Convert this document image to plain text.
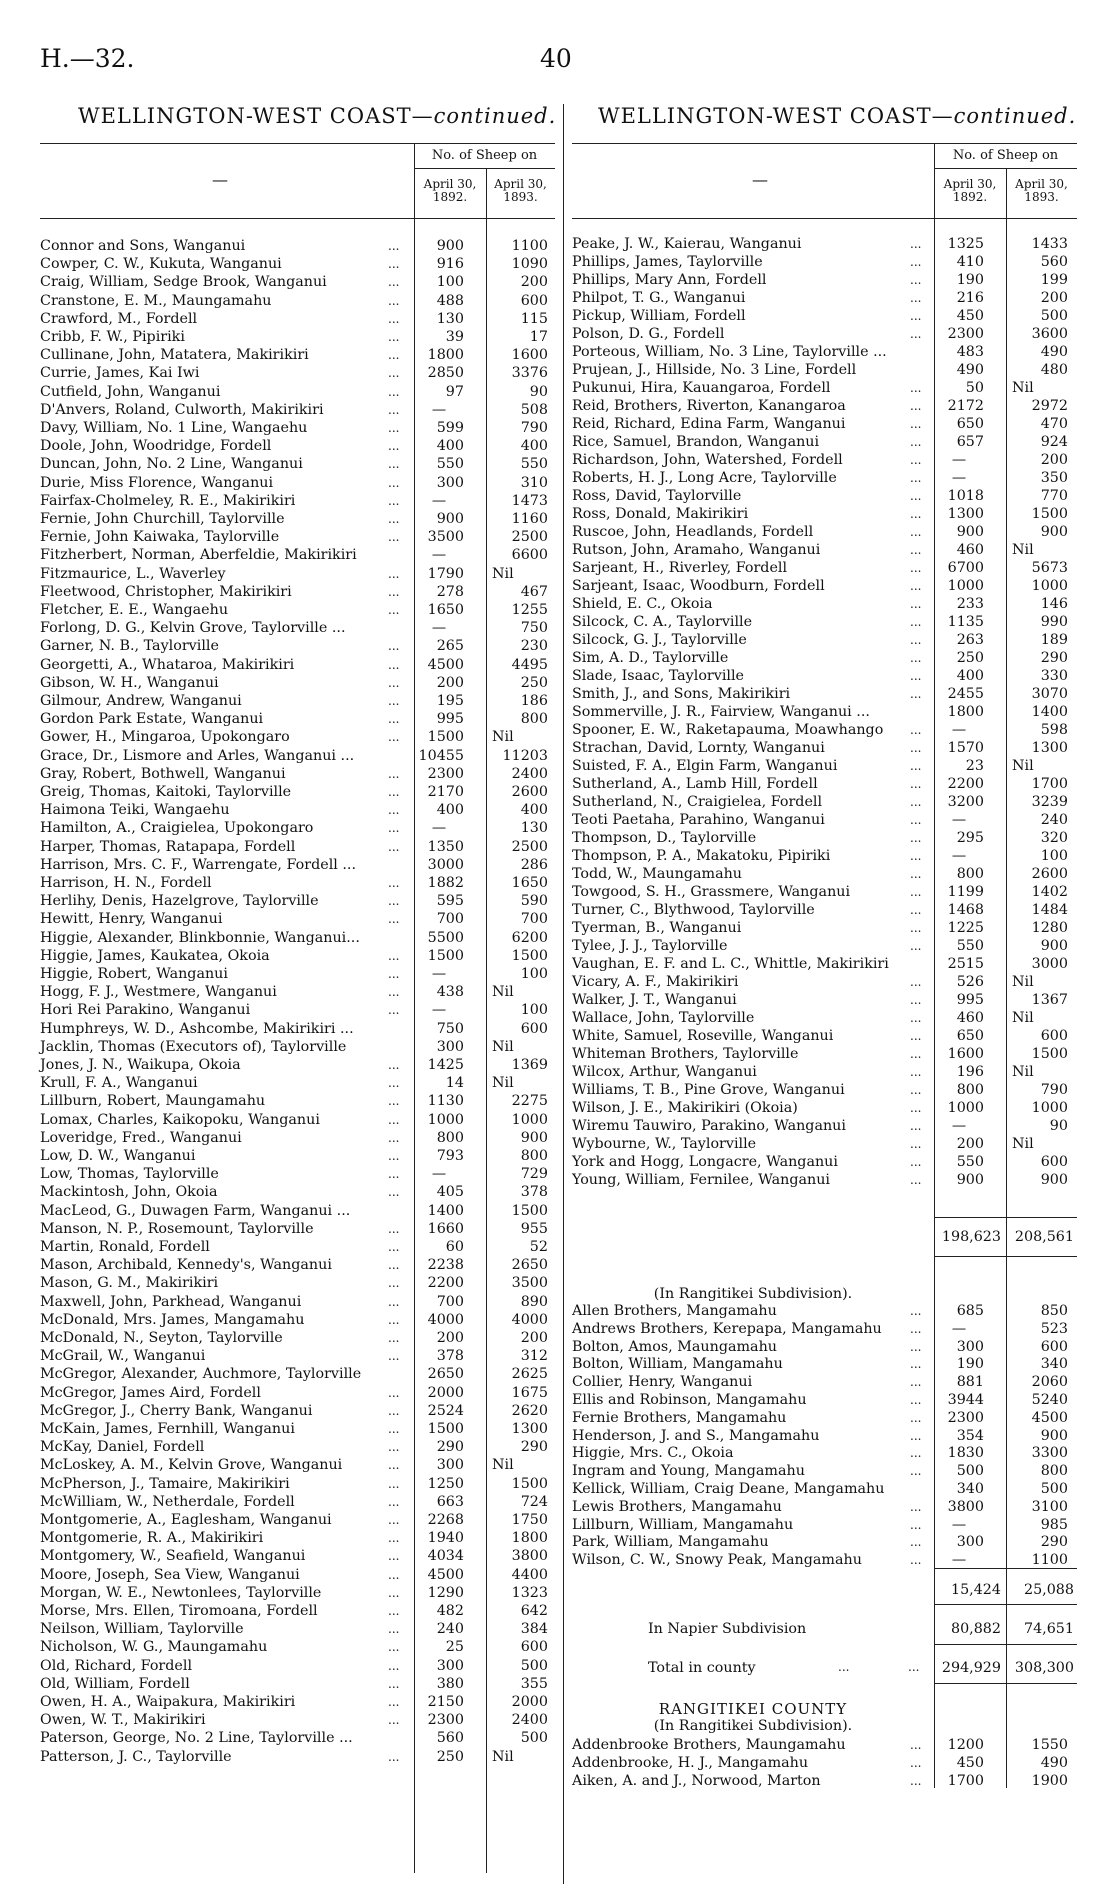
H.—32.	40
WELLINGTON-WEST COAST—continued. WELLINGTON-WEST COAST—continued.
No. of Sheep on
April 30, 1892.
April 30, 1893.
—
No. of Sheep on
April 30, 1892.
April 30, 1893.
—
Connor and Sons, Wanganui	...	900	1100
Cowper, C. W., Kukuta, Wanganui	...	916	1090
Craig, William, Sedge Brook, Wanganui	...	100	200
Cranstone, E. M., Maungamahu	...	488	600
Crawford, M., Fordell	...	130	115
Cribb, F. W., Pipiriki	...	39	17
Cullinane, John, Matatera, Makirikiri	...	1800	1600
Currie, James, Kai Iwi	...	2850	3376
Cutfield, John, Wanganui	...	97	90
D'Anvers, Roland, Culworth, Makirikiri	...	—	508
Davy, William, No. 1 Line, Wangaehu	...	599	790
Doole, John, Woodridge, Fordell	...	400	400
Duncan, John, No. 2 Line, Wanganui	...	550	550
Durie, Miss Florence, Wanganui	...	300	310
Fairfax-Cholmeley, R. E., Makirikiri	...	—	1473
Fernie, John Churchill, Taylorville	...	900	1160
Fernie, John Kaiwaka, Taylorville	...	3500	2500
Fitzherbert, Norman, Aberfeldie, Makirikiri	—	6600
Fitzmaurice, L., Waverley	...	1790 Nil
Fleetwood, Christopher, Makirikiri	...	278	467
Fletcher, E. E., Wangaehu	...	1650	1255
Forlong, D. G., Kelvin Grove, Taylorville ...	—	750
Garner, N. B., Taylorville	...	265	230
Georgetti, A., Whataroa, Makirikiri	...	4500	4495
Gibson, W. H., Wanganui	...	200	250
Gilmour, Andrew, Wanganui	...	195	186
Gordon Park Estate, Wanganui	...	995	800
Gower, H., Mingaroa, Upokongaro	...	1500 Nil
Grace, Dr., Lismore and Arles, Wanganui ...	10455	11203
Gray, Robert, Bothwell, Wanganui	...	2300	2400
Greig, Thomas, Kaitoki, Taylorville	...	2170	2600
Haimona Teiki, Wangaehu	...	400	400
Hamilton, A., Craigielea, Upokongaro	...	—	130
Harper, Thomas, Ratapapa, Fordell	...	1350	2500
Harrison, Mrs. C. F., Warrengate, Fordell ...	3000	286
Harrison, H. N., Fordell	...	1882	1650
Herlihy, Denis, Hazelgrove, Taylorville	...	595	590
Hewitt, Henry, Wanganui	...	700	700
Higgie, Alexander, Blinkbonnie, Wanganui...	5500	6200
Higgie, James, Kaukatea, Okoia	...	1500	1500
Higgie, Robert, Wanganui	...	—	100
Hogg, F. J., Westmere, Wanganui	...	438 Nil
Hori Rei Parakino, Wanganui	...	—	100
Humphreys, W. D., Ashcombe, Makirikiri ...	750	600
Jacklin, Thomas (Executors of), Taylorville	300 Nil
Jones, J. N., Waikupa, Okoia	...	1425	1369
Krull, F. A., Wanganui	...	14 Nil
Lillburn, Robert, Maungamahu	...	1130	2275
Lomax, Charles, Kaikopoku, Wanganui	...	1000	1000
Loveridge, Fred., Wanganui	...	800	900
Low, D. W., Wanganui	...	793	800
Low, Thomas, Taylorville	...	—	729
Mackintosh, John, Okoia	...	405	378
MacLeod, G., Duwagen Farm, Wanganui ...	1400	1500
Manson, N. P., Rosemount, Taylorville	...	1660	955
Martin, Ronald, Fordell	...	60	52
Mason, Archibald, Kennedy's, Wanganui	...	2238	2650
Mason, G. M., Makirikiri	...	2200	3500
Maxwell, John, Parkhead, Wanganui	...	700	890
McDonald, Mrs. James, Mangamahu	...	4000	4000
McDonald, N., Seyton, Taylorville	...	200	200
McGrail, W., Wanganui	...	378	312
McGregor, Alexander, Auchmore, Taylorville	2650	2625
McGregor, James Aird, Fordell	...	2000	1675
McGregor, J., Cherry Bank, Wanganui	...	2524	2620
McKain, James, Fernhill, Wanganui	...	1500	1300
McKay, Daniel, Fordell	...	290	290
McLoskey, A. M., Kelvin Grove, Wanganui	...	300 Nil
McPherson, J., Tamaire, Makirikiri	...	1250	1500
McWilliam, W., Netherdale, Fordell	...	663	724
Montgomerie, A., Eaglesham, Wanganui	...	2268	1750
Montgomerie, R. A., Makirikiri	...	1940	1800
Montgomery, W., Seafield, Wanganui	...	4034	3800
Moore, Joseph, Sea View, Wanganui	...	4500	4400
Morgan, W. E., Newtonlees, Taylorville	...	1290	1323
Morse, Mrs. Ellen, Tiromoana, Fordell	...	482	642
Neilson, William, Taylorville	...	240	384
Nicholson, W. G., Maungamahu	...	25	600
Old, Richard, Fordell	...	300	500
Old, William, Fordell	...	380	355
Owen, H. A., Waipakura, Makirikiri	...	2150	2000
Owen, W. T., Makirikiri	...	2300	2400
Paterson, George, No. 2 Line, Taylorville ...	560	500
Patterson, J. C., Taylorville	...	250 Nil
Peake, J. W., Kaierau, Wanganui	...	1325	1433
Phillips, James, Taylorville	...	410	560
Phillips, Mary Ann, Fordell	...	190	199
Philpot, T. G., Wanganui	...	216	200
Pickup, William, Fordell	...	450	500
Polson, D. G., Fordell	...	2300	3600
Porteous, William, No. 3 Line, Taylorville ...	483	490
Prujean, J., Hillside, No. 3 Line, Fordell	490	480
Pukunui, Hira, Kauangaroa, Fordell	...	50 Nil
Reid, Brothers, Riverton, Kanangaroa	...	2172	2972
Reid, Richard, Edina Farm, Wanganui	...	650	470
Rice, Samuel, Brandon, Wanganui	...	657	924
Richardson, John, Watershed, Fordell	...	—	200
Roberts, H. J., Long Acre, Taylorville	...	—	350
Ross, David, Taylorville	...	1018	770
Ross, Donald, Makirikiri	...	1300	1500
Ruscoe, John, Headlands, Fordell	...	900	900
Rutson, John, Aramaho, Wanganui	...	460 Nil
Sarjeant, H., Riverley, Fordell	...	6700	5673
Sarjeant, Isaac, Woodburn, Fordell	...	1000	1000
Shield, E. C., Okoia	...	233	146
Silcock, C. A., Taylorville	...	1135	990
Silcock, G. J., Taylorville	...	263	189
Sim, A. D., Taylorville	...	250	290
Slade, Isaac, Taylorville	...	400	330
Smith, J., and Sons, Makirikiri	...	2455	3070
Sommerville, J. R., Fairview, Wanganui ...	1800	1400
Spooner, E. W., Raketapauma, Moawhango ...	—	598
Strachan, David, Lornty, Wanganui	...	1570	1300
Suisted, F. A., Elgin Farm, Wanganui	...	23 Nil
Sutherland, A., Lamb Hill, Fordell	...	2200	1700
Sutherland, N., Craigielea, Fordell	...	3200	3239
Teoti Paetaha, Parahino, Wanganui	...	—	240
Thompson, D., Taylorville	...	295	320
Thompson, P. A., Makatoku, Pipiriki	...	—	100
Todd, W., Maungamahu	...	800	2600
Towgood, S. H., Grassmere, Wanganui	...	1199	1402
Turner, C., Blythwood, Taylorville	...	1468	1484
Tyerman, B., Wanganui	...	1225	1280
Tylee, J. J., Taylorville	...	550	900
Vaughan, E. F. and L. C., Whittle, Makirikiri	2515	3000
Vicary, A. F., Makirikiri	...	526 Nil
Walker, J. T., Wanganui	...	995	1367
Wallace, John, Taylorville	...	460 Nil
White, Samuel, Roseville, Wanganui	...	650	600
Whiteman Brothers, Taylorville	...	1600	1500
Wilcox, Arthur, Wanganui	...	196 Nil
Williams, T. B., Pine Grove, Wanganui	...	800	790
Wilson, J. E., Makirikiri (Okoia)	...	1000	1000
Wiremu Tauwiro, Parakino, Wanganui	...	—	90
Wybourne, W., Taylorville	...	200 Nil
York and Hogg, Longacre, Wanganui	...	550	600
Young, William, Fernilee, Wanganui	...	900	900
198,623 208,561
(In Rangitikei Subdivision).
Allen Brothers, Mangamahu	...	685	850
Andrews Brothers, Kerepapa, Mangamahu ...	—	523
Bolton, Amos, Maungamahu	...	300	600
Bolton, William, Mangamahu	...	190	340
Collier, Henry, Wanganui	...	881	2060
Ellis and Robinson, Mangamahu	...	3944	5240
Fernie Brothers, Mangamahu	...	2300	4500
Henderson, J. and S., Mangamahu	...	354	900
Higgie, Mrs. C., Okoia	...	1830	3300
Ingram and Young, Mangamahu	...	500	800
Kellick, William, Craig Deane, Mangamahu	340	500
Lewis Brothers, Mangamahu	...	3800	3100
Lillburn, William, Mangamahu	...	—	985
Park, William, Mangamahu	...	300	290
Wilson, C. W., Snowy Peak, Mangamahu	...	—	1100
15,424	25,088
In Napier Subdivision	80,882	74,651
Total in county	...	...	294,929 308,300
RANGITIKEI COUNTY
(In Rangitikei Subdivision).
Addenbrooke Brothers, Maungamahu	...	1200	1550
Addenbrooke, H. J., Mangamahu	...	450	490
Aiken, A. and J., Norwood, Marton	...	1700	1900
